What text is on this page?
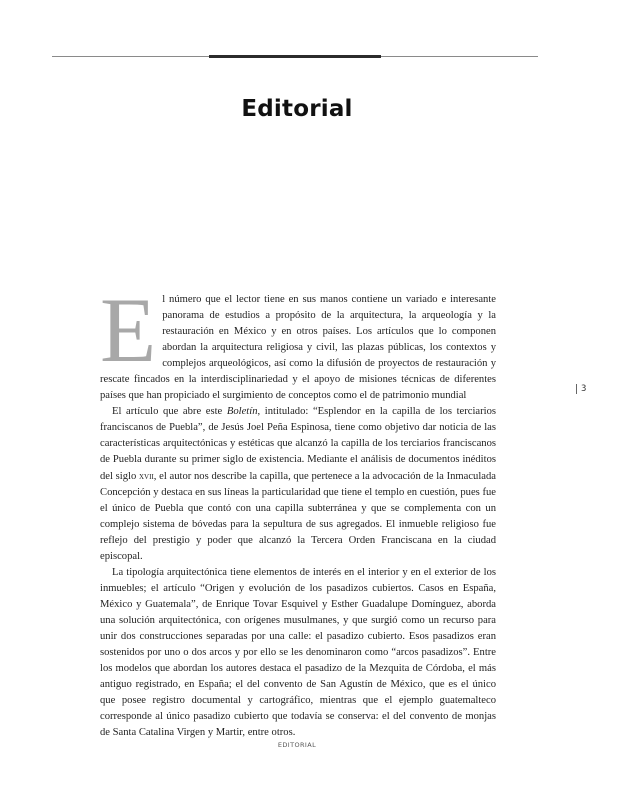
Editorial

El número que el lector tiene en sus manos contiene un variado e interesante panorama de estudios a propósito de la arquitectura, la arqueología y la restauración en México y en otros países. Los artículos que lo componen abordan la arquitectura religiosa y civil, las plazas públicas, los contextos y complejos arqueológicos, así como la difusión de proyectos de restauración y rescate fincados en la interdisciplinariedad y el apoyo de misiones técnicas de diferentes países que han propiciado el surgimiento de conceptos como el de patrimonio mundial

El artículo que abre este Boletín, intitulado: “Esplendor en la capilla de los terciarios franciscanos de Puebla”, de Jesús Joel Peña Espinosa, tiene como objetivo dar noticia de las características arquitectónicas y estéticas que alcanzó la capilla de los terciarios franciscanos de Puebla durante su primer siglo de existencia. Mediante el análisis de documentos inéditos del siglo xvii, el autor nos describe la capilla, que pertenece a la advocación de la Inmaculada Concepción y destaca en sus líneas la particularidad que tiene el templo en cuestión, pues fue el único de Puebla que contó con una capilla subterránea y que se complementa con un complejo sistema de bóvedas para la sepultura de sus agregados. El inmueble religioso fue reflejo del prestigio y poder que alcanzó la Tercera Orden Franciscana en la ciudad episcopal.

La tipología arquitectónica tiene elementos de interés en el interior y en el exterior de los inmuebles; el artículo “Origen y evolución de los pasadizos cubiertos. Casos en España, México y Guatemala”, de Enrique Tovar Esquivel y Esther Guadalupe Domínguez, aborda una solución arquitectónica, con orígenes musulmanes, y que surgió como un recurso para unir dos construcciones separadas por una calle: el pasadizo cubierto. Esos pasadizos eran sostenidos por uno o dos arcos y por ello se les denominaron como “arcos pasadizos”. Entre los modelos que abordan los autores destaca el pasadizo de la Mezquita de Córdoba, el más antiguo registrado, en España; el del convento de San Agustín de México, que es el único que posee registro documental y cartográfico, mientras que el ejemplo guatemalteco corresponde al único pasadizo cubierto que todavía se conserva: el del convento de monjas de Santa Catalina Virgen y Martir, entre otros.

3
EDITORIAL
